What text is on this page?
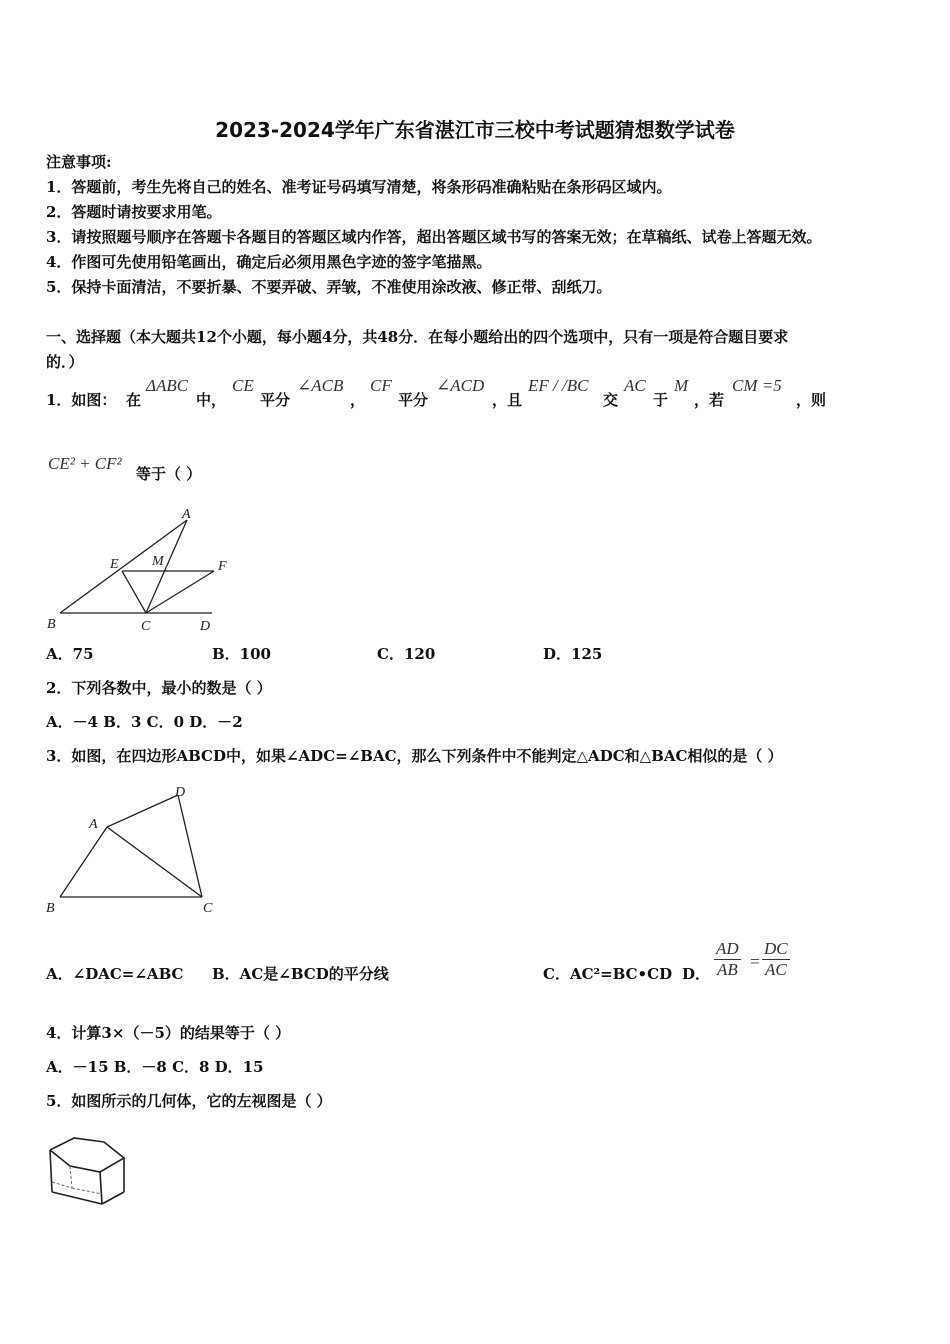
2023-2024学年广东省湛江市三校中考试题猜想数学试卷
注意事项:
1．答题前，考生先将自己的姓名、准考证号码填写清楚，将条形码准确粘贴在条形码区域内。
2．答题时请按要求用笔。
3．请按照题号顺序在答题卡各题目的答题区域内作答，超出答题区域书写的答案无效；在草稿纸、试卷上答题无效。
4．作图可先使用铅笔画出，确定后必须用黑色字迹的签字笔描黑。
5．保持卡面清洁，不要折暴、不要弄破、弄皱，不准使用涂改液、修正带、刮纸刀。
一、选择题（本大题共12个小题，每小题4分，共48分．在每小题给出的四个选项中，只有一项是符合题目要求
的．）
1．如图： 在
ΔABC
中，
CE
平分
∠ACB
，
CF
平分
∠ACD
，且
EF / /BC
交
AC
于
M
，若
CM =5
，则
CE² + CF²
等于（ ）
A
E M	F
B	C	D
A．75	B．100	C．120	D．125
2．下列各数中，最小的数是（ ）
A．－4 B．3 C．0 D．－2
3．如图，在四边形ABCD中，如果∠ADC=∠BAC，那么下列条件中不能判定△ADC和△BAC相似的是（ ）
A
B	C
D
A．∠DAC=∠ABC B．AC是∠BCD的平分线	C．AC²=BC•CD D． $\frac{AD}{AB} = \frac{DC}{AC}$
4．计算3×（－5）的结果等于（ ）
A．－15 B．－8 C．8 D．15
5．如图所示的几何体，它的左视图是（ ）
